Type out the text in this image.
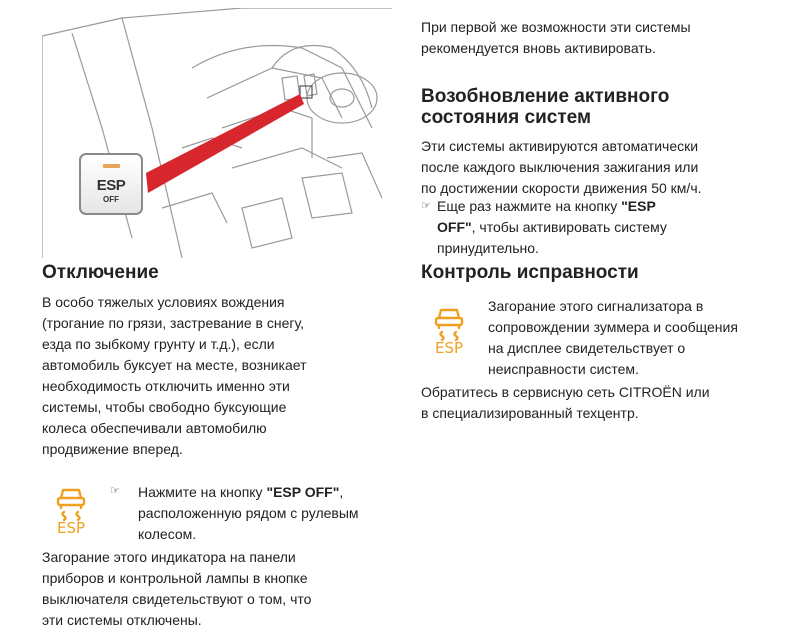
ESP
OFF
Отключение

В особо тяжелых условиях вождения

(трогание по грязи, застревание в снегу,

езда по зыбкому грунту и т.д.), если

автомобиль буксует на месте, возникает

необходимость отключить именно эти

системы, чтобы свободно буксующие

колеса обеспечивали автомобилю

продвижение вперед.

ESP
☞ Нажмите на кнопку "ESP OFF",

расположенную рядом с рулевым

колесом.

Загорание этого индикатора на панели

приборов и контрольной лампы в кнопке

выключателя свидетельствуют о том, что

эти системы отключены.

При первой же возможности эти системы

рекомендуется вновь активировать.

Возобновление активного
состояния систем

Эти системы активируются автоматически

после каждого выключения зажигания или

по достижении скорости движения 50 км/ч.

☞ Еще раз нажмите на кнопку "ESP

OFF", чтобы активировать систему

принудительно.

Контроль исправности
ESP

Загорание этого сигнализатора в

сопровождении зуммера и сообщения

на дисплее свидетельствует о

неисправности систем.

Обратитесь в сервисную сеть CITROËN или

в специализированный техцентр.
